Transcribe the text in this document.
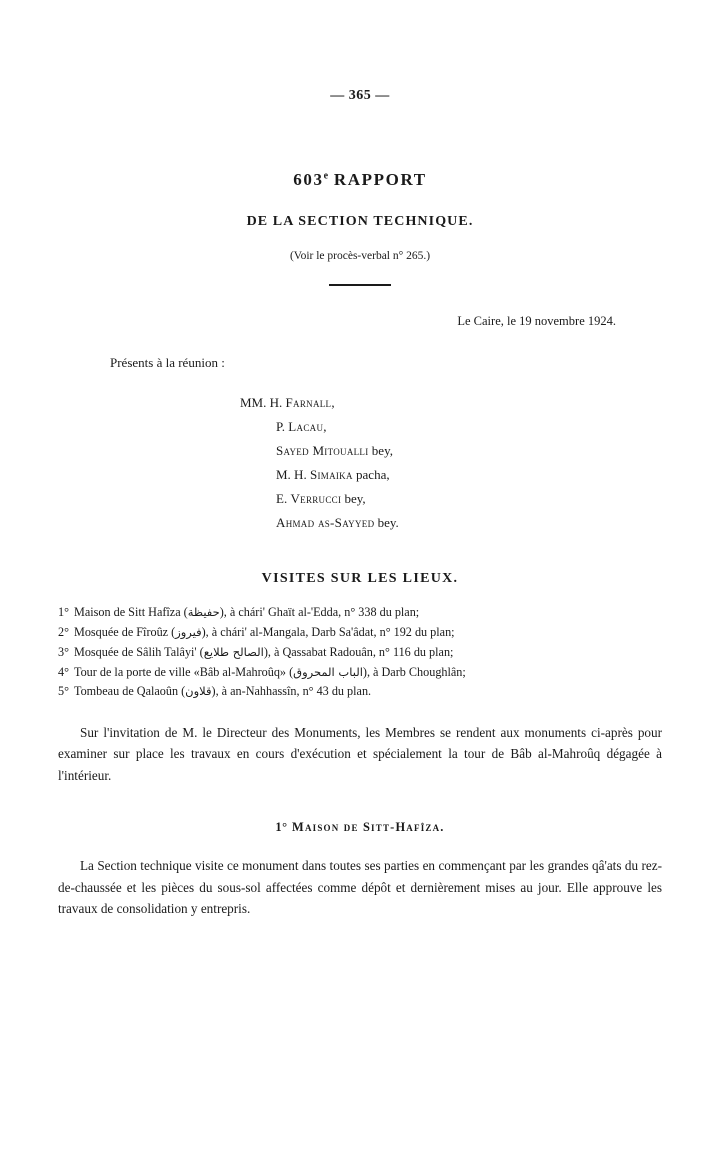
— 365 —
603e RAPPORT
DE LA SECTION TECHNIQUE.
(Voir le procès-verbal n° 265.)
Le Caire, le 19 novembre 1924.
Présents à la réunion :
MM. H. Farnall,
P. Lacau,
Sayed Mitoualli bey,
M. H. Simaika pacha,
E. Verrucci bey,
Ahmad as-Sayyed bey.
VISITES SUR LES LIEUX.
1° Maison de Sitt Hafîza (حفيظة), à chári' Ghaït al-'Edda, n° 338 du plan;
2° Mosquée de Fîroûz (فيروز), à chári' al-Mangala, Darb Sa'âdat, n° 192 du plan;
3° Mosquée de Sâlih Talâyi' (الصالح طلايع), à Qassabat Radouân, n° 116 du plan;
4° Tour de la porte de ville «Bâb al-Mahroûq» (الباب المحروق), à Darb Choughlân;
5° Tombeau de Qalaoûn (قلاون), à an-Nahhassîn, n° 43 du plan.
Sur l'invitation de M. le Directeur des Monuments, les Membres se rendent aux monuments ci-après pour examiner sur place les travaux en cours d'exécution et spécialement la tour de Bâb al-Mahroûq dégagée à l'intérieur.
1° Maison de Sitt-Hafîza.
La Section technique visite ce monument dans toutes ses parties en commençant par les grandes qâ'ats du rez-de-chaussée et les pièces du sous-sol affectées comme dépôt et dernièrement mises au jour. Elle approuve les travaux de consolidation y entrepris.
